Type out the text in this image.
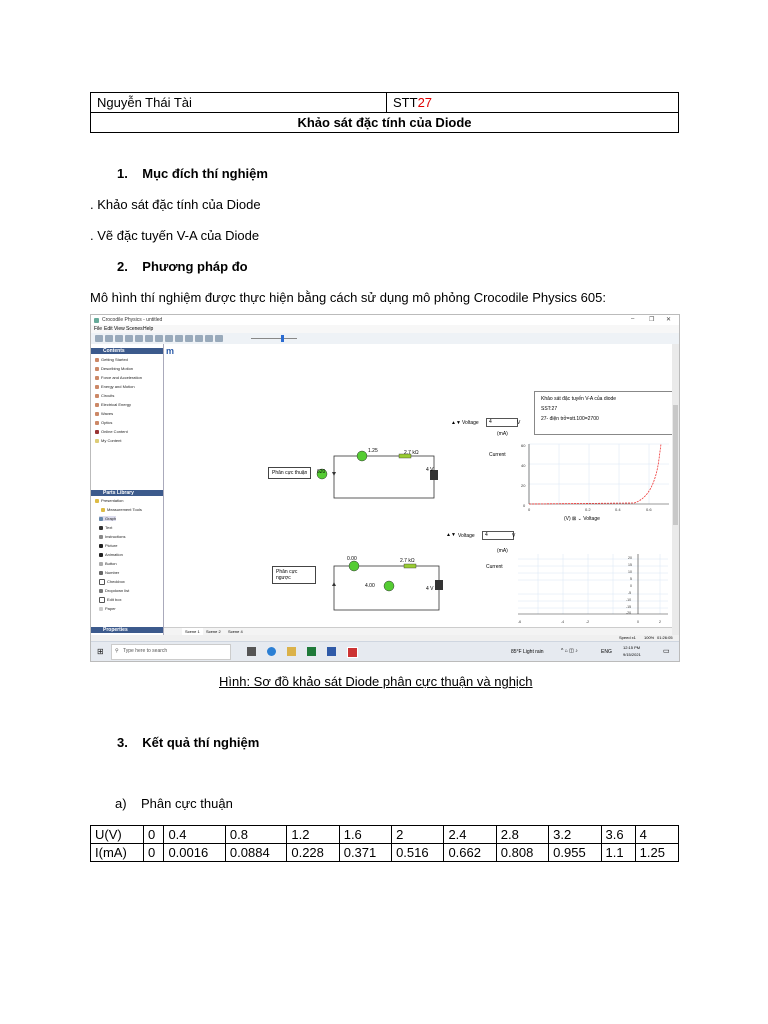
Nguyễn Thái Tài	STT27
Khảo sát đặc tính của Diode
1.    Mục đích thí nghiệm
. Khảo sát đặc tính của Diode
. Vẽ đặc tuyến V-A của Diode
2.    Phương pháp đo
Mô hình thí nghiệm được thực hiện bằng cách sử dụng mô phỏng Crocodile Physics 605:
Crocodile Physics - untitled	– ❐ ✕
File Edit View Scenes Help
Contents
Getting Started
Describing Motion
Force and Acceleration
Energy and Motion
Circuits
Electrical Energy
Waves
Optics
Online Content
My Content
Parts Library
Presentation
Measurement Tools
Graph
Text
Instructions
Picture
Animation
Button
Number
Checkbox
Dropdown list
Edit box
Paper
Properties
m
Khảo sát đặc tuyến V-A của diode
SST:27
27- điện trở=stt.100=2700
Phân cực thuận
1.25	2.7 kΩ
620	4 V
▲▼ Voltage	4	V
(mA)
Current
60
40
20
0
0	0.2	0.4	0.6
(V) ⊠ ⌄ Voltage
▲▼ Voltage	4	V
Phân cực ngược
0.00	2.7 kΩ
4.00	4 V
(mA)
Current
20
15
10
5
0
-5
-10
-15
-20
-6	-4	-2	0	2
Scene 1	Scene 2 Scene 4
Speed x1 100% 01:26:05
⊞ ⚲ Type here to search	85°F Light rain	^ ⌂ ◫ ♪	ENG
12:15 PM
9/15/2021	▭
Hình: Sơ đồ khảo sát Diode phân cực thuận và nghịch
3.    Kết quả thí nghiệm
a)    Phân cực thuận
U(V)	0	0.4	0.8	1.2	1.6	2	2.4	2.8	3.2	3.6	4
I(mA)	0	0.0016	0.0884	0.228	0.371	0.516	0.662	0.808	0.955	1.1	1.25
